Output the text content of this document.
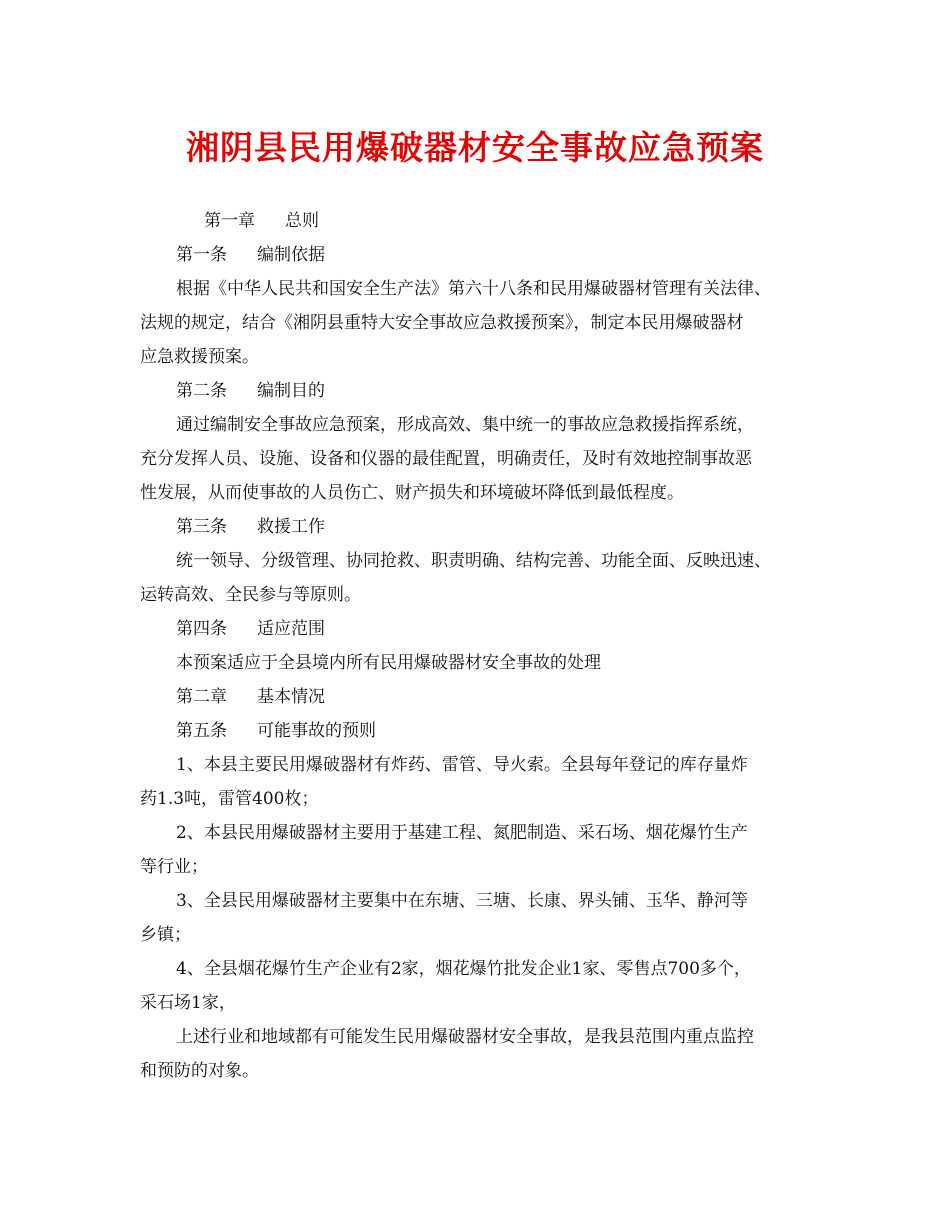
湘阴县民用爆破器材安全事故应急预案
第一章 总则
第一条 编制依据
根据《中华人民共和国安全生产法》第六十八条和民用爆破器材管理有关法律、
法规的规定，结合《湘阴县重特大安全事故应急救援预案》，制定本民用爆破器材
应急救援预案。
第二条 编制目的
通过编制安全事故应急预案，形成高效、集中统一的事故应急救援指挥系统，
充分发挥人员、设施、设备和仪器的最佳配置，明确责任，及时有效地控制事故恶
性发展，从而使事故的人员伤亡、财产损失和环境破坏降低到最低程度。
第三条 救援工作
统一领导、分级管理、协同抢救、职责明确、结构完善、功能全面、反映迅速、
运转高效、全民参与等原则。
第四条 适应范围
本预案适应于全县境内所有民用爆破器材安全事故的处理
第二章 基本情况
第五条 可能事故的预则
1、本县主要民用爆破器材有炸药、雷管、导火索。全县每年登记的库存量炸
药1.3吨，雷管400枚；
2、本县民用爆破器材主要用于基建工程、氮肥制造、采石场、烟花爆竹生产
等行业；
3、全县民用爆破器材主要集中在东塘、三塘、长康、界头铺、玉华、静河等
乡镇；
4、全县烟花爆竹生产企业有2家，烟花爆竹批发企业1家、零售点700多个，
采石场1家，
上述行业和地域都有可能发生民用爆破器材安全事故，是我县范围内重点监控
和预防的对象。
